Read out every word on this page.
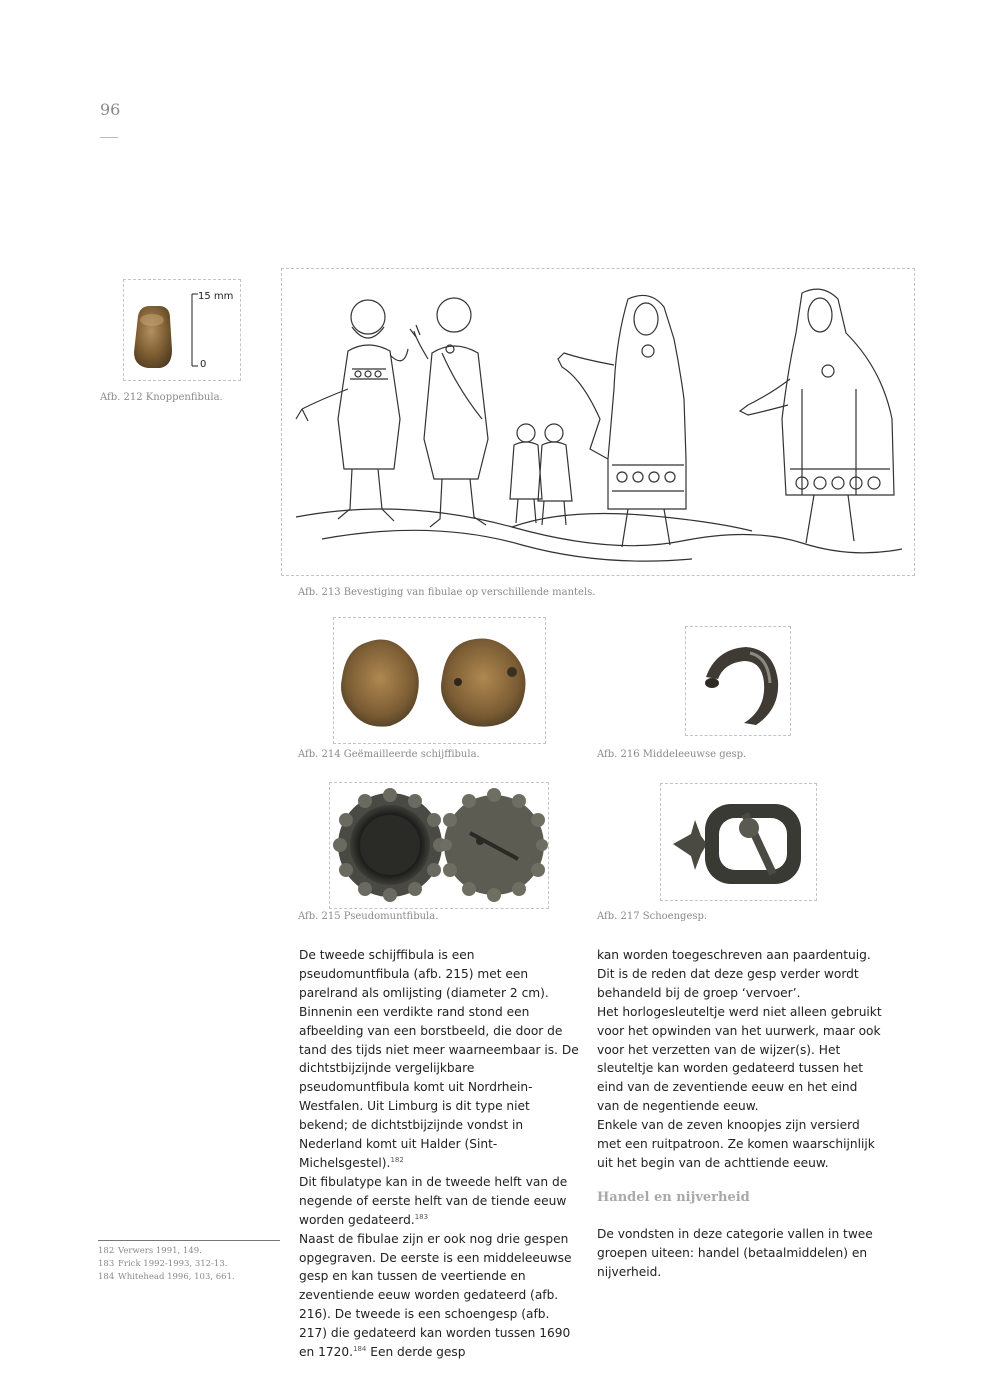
96
15 mm
0
Afb. 212 Knoppenfibula.
Afb. 213 Bevestiging van fibulae op verschillende mantels.
Afb. 214 Geëmailleerde schijffibula.	Afb. 216 Middeleeuwse gesp.
Afb. 215 Pseudomuntfibula.	Afb. 217 Schoengesp.

De tweede schijffibula is een pseudomuntfibula (afb. 215) met een parelrand als omlijsting (diameter 2 cm). Binnenin een verdikte rand stond een afbeelding van een borstbeeld, die door de tand des tijds niet meer waarneembaar is. De dichtstbijzijnde vergelijkbare pseudomuntfibula komt uit Nordrhein-Westfalen. Uit Limburg is dit type niet bekend; de dichtstbijzijnde vondst in Nederland komt uit Halder (Sint-Michelsgestel).$^{182}$

Dit fibulatype kan in de tweede helft van de negende of eerste helft van de tiende eeuw worden gedateerd.$^{183}$

Naast de fibulae zijn er ook nog drie gespen opgegraven. De eerste is een middeleeuwse gesp en kan tussen de veertiende en zeventiende eeuw worden gedateerd (afb. 216). De tweede is een schoengesp (afb. 217) die gedateerd kan worden tussen 1690 en 1720.$^{184}$ Een derde gesp

kan worden toegeschreven aan paardentuig. Dit is de reden dat deze gesp verder wordt behandeld bij de groep ‘vervoer’.

Het horlogesleuteltje werd niet alleen gebruikt voor het opwinden van het uurwerk, maar ook voor het verzetten van de wijzer(s). Het sleuteltje kan worden gedateerd tussen het eind van de zeventiende eeuw en het eind van de negentiende eeuw.

Enkele van de zeven knoopjes zijn versierd met een ruitpatroon. Ze komen waarschijnlijk uit het begin van de achttiende eeuw.

Handel en nijverheid

De vondsten in deze categorie vallen in twee groepen uiteen: handel (betaalmiddelen) en nijverheid.

182 Verwers 1991, 149.
183 Frick 1992-1993, 312-13.
184 Whitehead 1996, 103, 661.
